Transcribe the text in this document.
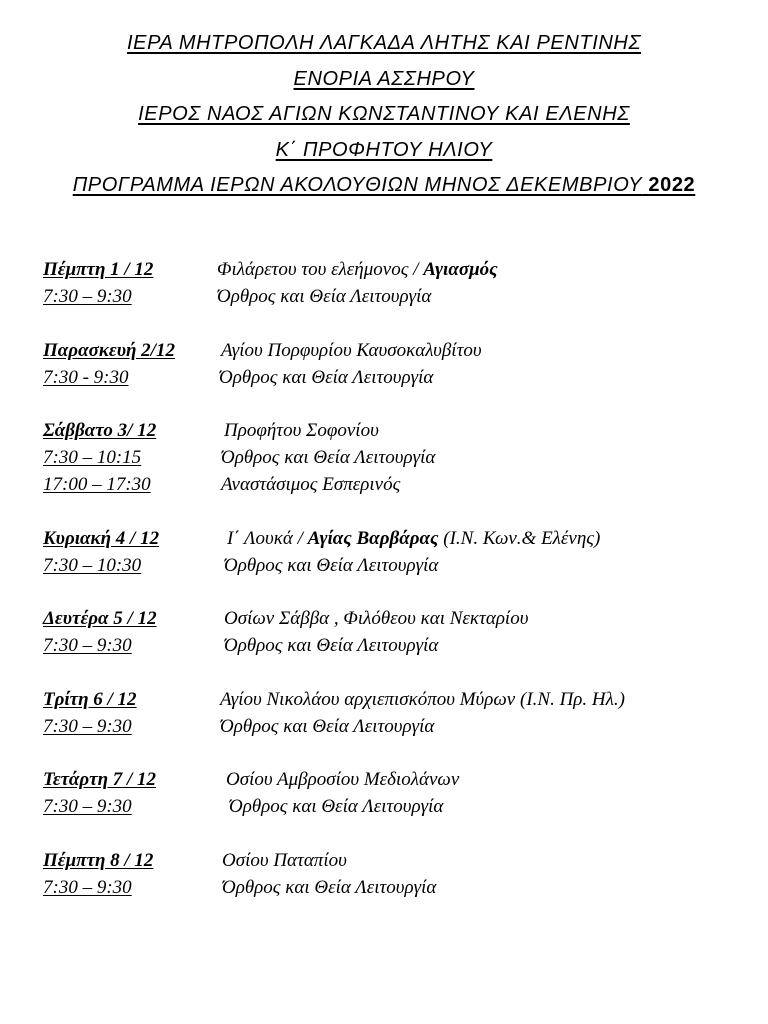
ΙΕΡΑ ΜΗΤΡΟΠΟΛΗ ΛΑΓΚΑΔΑ ΛΗΤΗΣ ΚΑΙ ΡΕΝΤΙΝΗΣ
ΕΝΟΡΙΑ ΑΣΣΗΡΟΥ
ΙΕΡΟΣ ΝΑΟΣ ΑΓΙΩΝ ΚΩΝΣΤΑΝΤΙΝΟΥ ΚΑΙ ΕΛΕΝΗΣ
Κ΄ ΠΡΟΦΗΤΟΥ ΗΛΙΟΥ
ΠΡΟΓΡΑΜΜΑ ΙΕΡΩΝ ΑΚΟΛΟΥΘΙΩΝ ΜΗΝΟΣ ΔΕΚΕΜΒΡΙΟΥ 2022
Πέμπτη 1 / 12	Φιλάρετου του ελεήμονος / Αγιασμός
7:30 – 9:30	Όρθρος και Θεία Λειτουργία
Παρασκευή 2/12 Αγίου Πορφυρίου Καυσοκαλυβίτου
7:30 - 9:30	Όρθρος και Θεία Λειτουργία
Σάββατο 3/ 12	Προφήτου Σοφονίου
7:30 – 10:15	Όρθρος και Θεία Λειτουργία
17:00 – 17:30	Αναστάσιμος Εσπερινός
Κυριακή 4 / 12	Ι΄ Λουκά / Αγίας Βαρβάρας (Ι.Ν. Κων.& Ελένης)
7:30 – 10:30	Όρθρος και Θεία Λειτουργία
Δευτέρα 5 / 12	Οσίων Σάββα , Φιλόθεου και Νεκταρίου
7:30 – 9:30	Όρθρος και Θεία Λειτουργία
Τρίτη 6 / 12	Αγίου Νικολάου αρχιεπισκόπου Μύρων (Ι.Ν. Πρ. Ηλ.)
7:30 – 9:30	Όρθρος και Θεία Λειτουργία
Τετάρτη 7 / 12	Οσίου Αμβροσίου Μεδιολάνων
7:30 – 9:30	Όρθρος και Θεία Λειτουργία
Πέμπτη 8 / 12	Οσίου Παταπίου
7:30 – 9:30	Όρθρος και Θεία Λειτουργία
